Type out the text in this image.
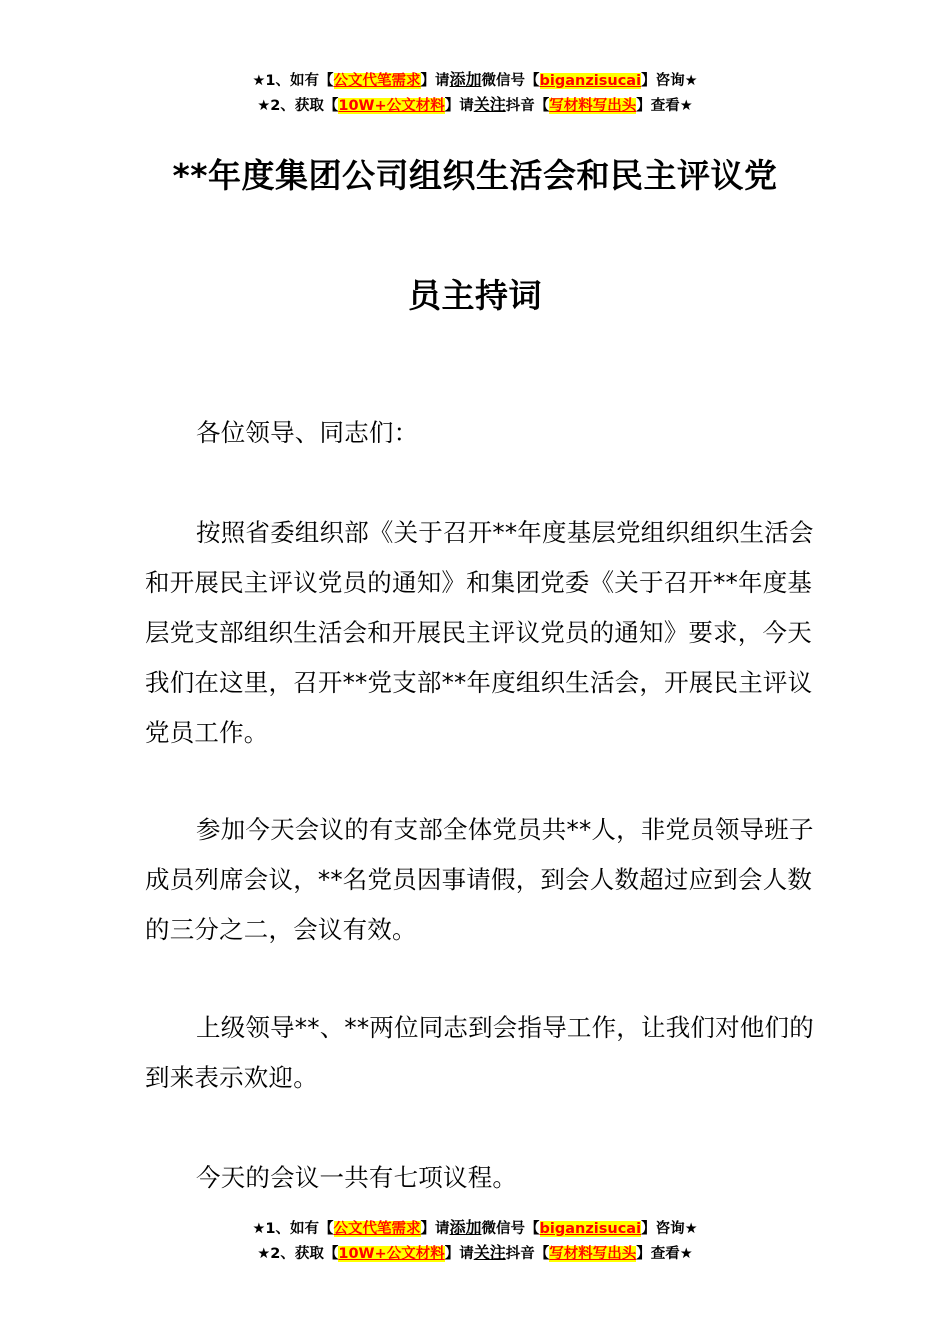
★1、如有【公文代笔需求】请添加微信号【biganzisucai】咨询★
★2、获取【10W+公文材料】请关注抖音【写材料写出头】查看★
**年度集团公司组织生活会和民主评议党
员主持词

各位领导、同志们：

按照省委组织部《关于召开**年度基层党组织组织生活会和开展民主评议党员的通知》和集团党委《关于召开**年度基层党支部组织生活会和开展民主评议党员的通知》要求，今天我们在这里，召开**党支部**年度组织生活会，开展民主评议党员工作。

参加今天会议的有支部全体党员共**人，非党员领导班子成员列席会议，**名党员因事请假，到会人数超过应到会人数的三分之二，会议有效。

上级领导**、**两位同志到会指导工作，让我们对他们的到来表示欢迎。

今天的会议一共有七项议程。

★1、如有【公文代笔需求】请添加微信号【biganzisucai】咨询★
★2、获取【10W+公文材料】请关注抖音【写材料写出头】查看★
